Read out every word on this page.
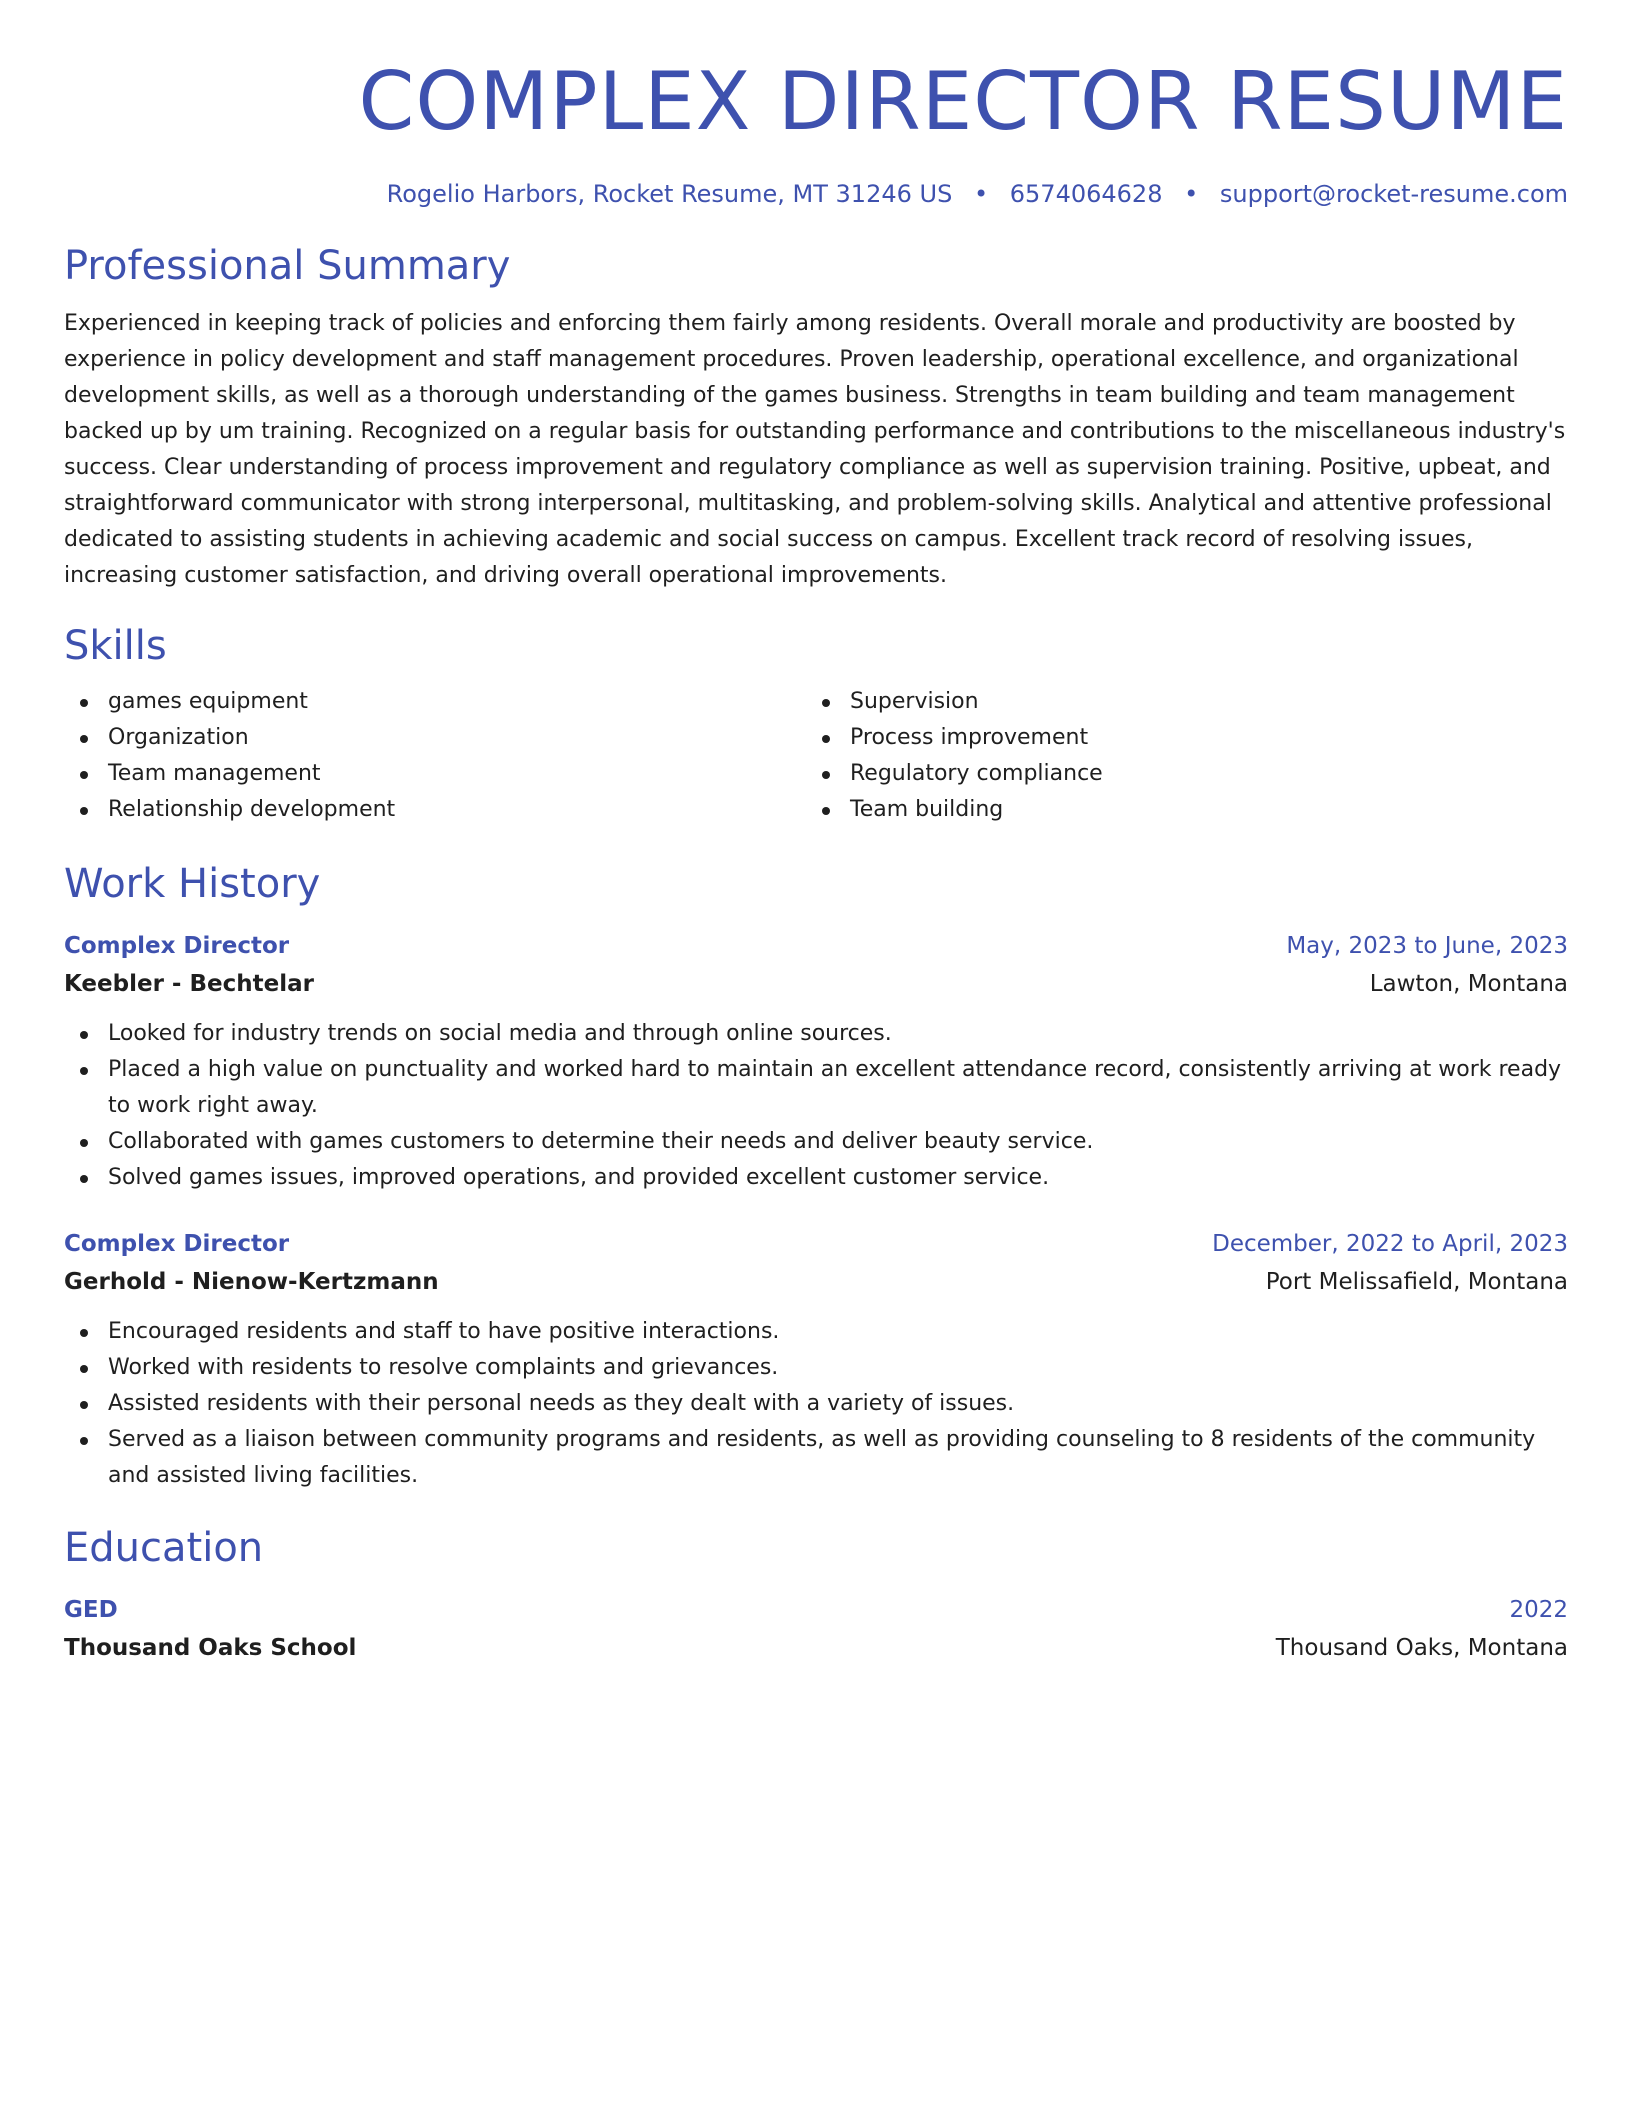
COMPLEX DIRECTOR RESUME
Rogelio Harbors, Rocket Resume, MT 31246 US • 6574064628 • support@rocket-resume.com
Professional Summary
Experienced in keeping track of policies and enforcing them fairly among residents. Overall morale and productivity are boosted by experience in policy development and staff management procedures. Proven leadership, operational excellence, and organizational development skills, as well as a thorough understanding of the games business. Strengths in team building and team management backed up by um training. Recognized on a regular basis for outstanding performance and contributions to the miscellaneous industry's success. Clear understanding of process improvement and regulatory compliance as well as supervision training. Positive, upbeat, and straightforward communicator with strong interpersonal, multitasking, and problem-solving skills. Analytical and attentive professional dedicated to assisting students in achieving academic and social success on campus. Excellent track record of resolving issues, increasing customer satisfaction, and driving overall operational improvements.
Skills
games equipment
Organization
Team management
Relationship development
Supervision
Process improvement
Regulatory compliance
Team building
Work History
Complex Director	May, 2023 to June, 2023
Keebler - Bechtelar	Lawton, Montana
Looked for industry trends on social media and through online sources.
Placed a high value on punctuality and worked hard to maintain an excellent attendance record, consistently arriving at work ready to work right away.
Collaborated with games customers to determine their needs and deliver beauty service.
Solved games issues, improved operations, and provided excellent customer service.
Complex Director	December, 2022 to April, 2023
Gerhold - Nienow-Kertzmann	Port Melissafield, Montana
Encouraged residents and staff to have positive interactions.
Worked with residents to resolve complaints and grievances.
Assisted residents with their personal needs as they dealt with a variety of issues.
Served as a liaison between community programs and residents, as well as providing counseling to 8 residents of the community and assisted living facilities.
Education
GED	2022
Thousand Oaks School	Thousand Oaks, Montana
